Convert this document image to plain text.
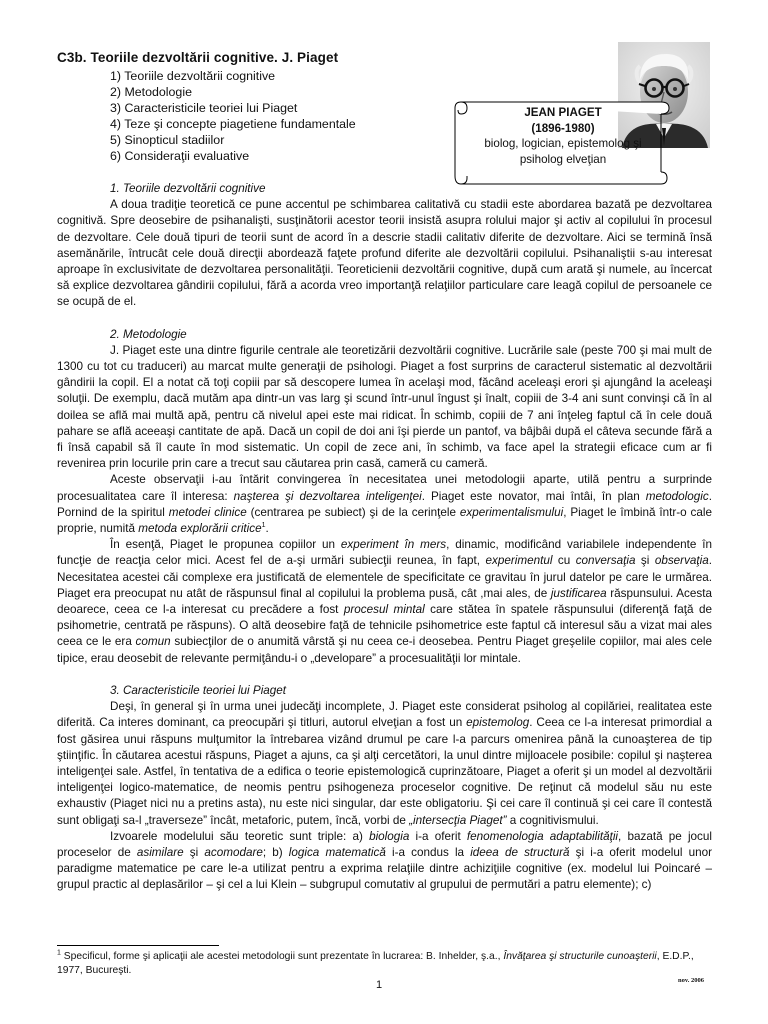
C3b. Teoriile dezvoltării cognitive. J. Piaget
1) Teoriile dezvoltării cognitive
2) Metodologie
3) Caracteristicile teoriei lui Piaget
4) Teze şi concepte piagetiene fundamentale
5) Sinopticul stadiilor
6) Consideraţii evaluative
JEAN PIAGET
(1896-1980)
biolog, logician, epistemolog şi psiholog elveţian
1. Teoriile dezvoltării cognitive

A doua tradiţie teoretică ce pune accentul pe schimbarea calitativă cu stadii este abordarea bazată pe dezvoltarea cognitivă. Spre deosebire de psihanalişti, susţinătorii acestor teorii insistă asupra rolului major şi activ al copilului în procesul de dezvoltare. Cele două tipuri de teorii sunt de acord în a descrie stadii calitativ diferite de dezvoltare. Aici se termină însă asemănările, întrucât cele două direcţii abordează faţete profund diferite ale dezvoltării copilului. Psihanaliştii s-au interesat aproape în exclusivitate de dezvoltarea personalităţii. Teoreticienii dezvoltării cognitive, după cum arată şi numele, au încercat să explice dezvoltarea gândirii copilului, fără a acorda vreo importanţă relaţiilor particulare care leagă copilul de persoanele ce se ocupă de el.

2. Metodologie

J. Piaget este una dintre figurile centrale ale teoretizării dezvoltării cognitive. Lucrările sale (peste 700 şi mai mult de 1300 cu tot cu traduceri) au marcat multe generaţii de psihologi. Piaget a fost surprins de caracterul sistematic al dezvoltării gândirii la copil. El a notat că toţi copiii par să descopere lumea în acelaşi mod, făcând aceleaşi erori şi ajungând la aceleaşi soluţii. De exemplu, dacă mutăm apa dintr-un vas larg şi scund într-unul îngust şi înalt, copiii de 3-4 ani sunt convinşi că în al doilea se află mai multă apă, pentru că nivelul apei este mai ridicat. În schimb, copiii de 7 ani înţeleg faptul că în cele două pahare se află aceeaşi cantitate de apă. Dacă un copil de doi ani îşi pierde un pantof, va bâjbâi după el câteva secunde fără a fi însă capabil să îl caute în mod sistematic. Un copil de zece ani, în schimb, va face apel la strategii eficace cum ar fi revenirea prin locurile prin care a trecut sau căutarea prin casă, cameră cu cameră.

Aceste observaţii i-au întărit convingerea în necesitatea unei metodologii aparte, utilă pentru a surprinde procesualitatea care îl interesa: naşterea şi dezvoltarea inteligenţei. Piaget este novator, mai întâi, în plan metodologic. Pornind de la spiritul metodei clinice (centrarea pe subiect) şi de la cerinţele experimentalismului, Piaget le îmbină într-o cale proprie, numită metoda explorării critice$^1$.

În esenţă, Piaget le propunea copiilor un experiment în mers, dinamic, modificând variabilele independente în funcţie de reacţia celor mici. Acest fel de a-şi urmări subiecţii reunea, în fapt, experimentul cu conversaţia şi observaţia. Necesitatea acestei căi complexe era justificată de elementele de specificitate ce gravitau în jurul datelor pe care le urmărea. Piaget era preocupat nu atât de răspunsul final al copilului la problema pusă, cât ,mai ales, de justificarea răspunsului. Acesta deoarece, ceea ce l-a interesat cu precădere a fost procesul mintal care stătea în spatele răspunsului (diferenţă faţă de psihometrie, centrată pe răspuns). O altă deosebire faţă de tehnicile psihometrice este faptul că interesul său a vizat mai ales ceea ce le era comun subiecţilor de o anumită vârstă şi nu ceea ce-i deosebea. Pentru Piaget greşelile copiilor, mai ales cele tipice, erau deosebit de relevante permiţându-i o „developare” a procesualităţii lor mintale.

3. Caracteristicile teoriei lui Piaget

Deşi, în general şi în urma unei judecăţi incomplete, J. Piaget este considerat psiholog al copilăriei, realitatea este diferită. Ca interes dominant, ca preocupări şi titluri, autorul elveţian a fost un epistemolog. Ceea ce l-a interesat primordial a fost găsirea unui răspuns mulţumitor la întrebarea vizând drumul pe care l-a parcurs omenirea până la cunoaşterea de tip ştiinţific. În căutarea acestui răspuns, Piaget a ajuns, ca şi alţi cercetători, la unul dintre mijloacele posibile: copilul şi naşterea inteligenţei sale. Astfel, în tentativa de a edifica o teorie epistemologică cuprinzătoare, Piaget a oferit şi un model al dezvoltării inteligenţei logico-matematice, de neomis pentru psihogeneza proceselor cognitive. De reţinut că modelul său nu este exhaustiv (Piaget nici nu a pretins asta), nu este nici singular, dar este obligatoriu. Şi cei care îl continuă şi cei care îl contestă sunt obligaţi sa-l „traverseze” încât, metaforic, putem, încă, vorbi de „intersecţia Piaget” a cognitivismului.

Izvoarele modelului său teoretic sunt triple: a) biologia i-a oferit fenomenologia adaptabilităţii, bazată pe jocul proceselor de asimilare şi acomodare; b) logica matematică i-a condus la ideea de structură şi i-a oferit modelul unor paradigme matematice pe care le-a utilizat pentru a exprima relaţiile dintre achiziţiile cognitive (ex. modelul lui Poincaré – grupul practic al deplasărilor – şi cel a lui Klein – subgrupul comutativ al grupului de permutări a patru elemente); c)

$^1$ Specificul, forme şi aplicaţii ale acestei metodologii sunt prezentate în lucrarea: B. Inhelder, ş.a., Învăţarea şi structurile cunoaşterii, E.D.P., 1977, Bucureşti.
1	nov. 2006
